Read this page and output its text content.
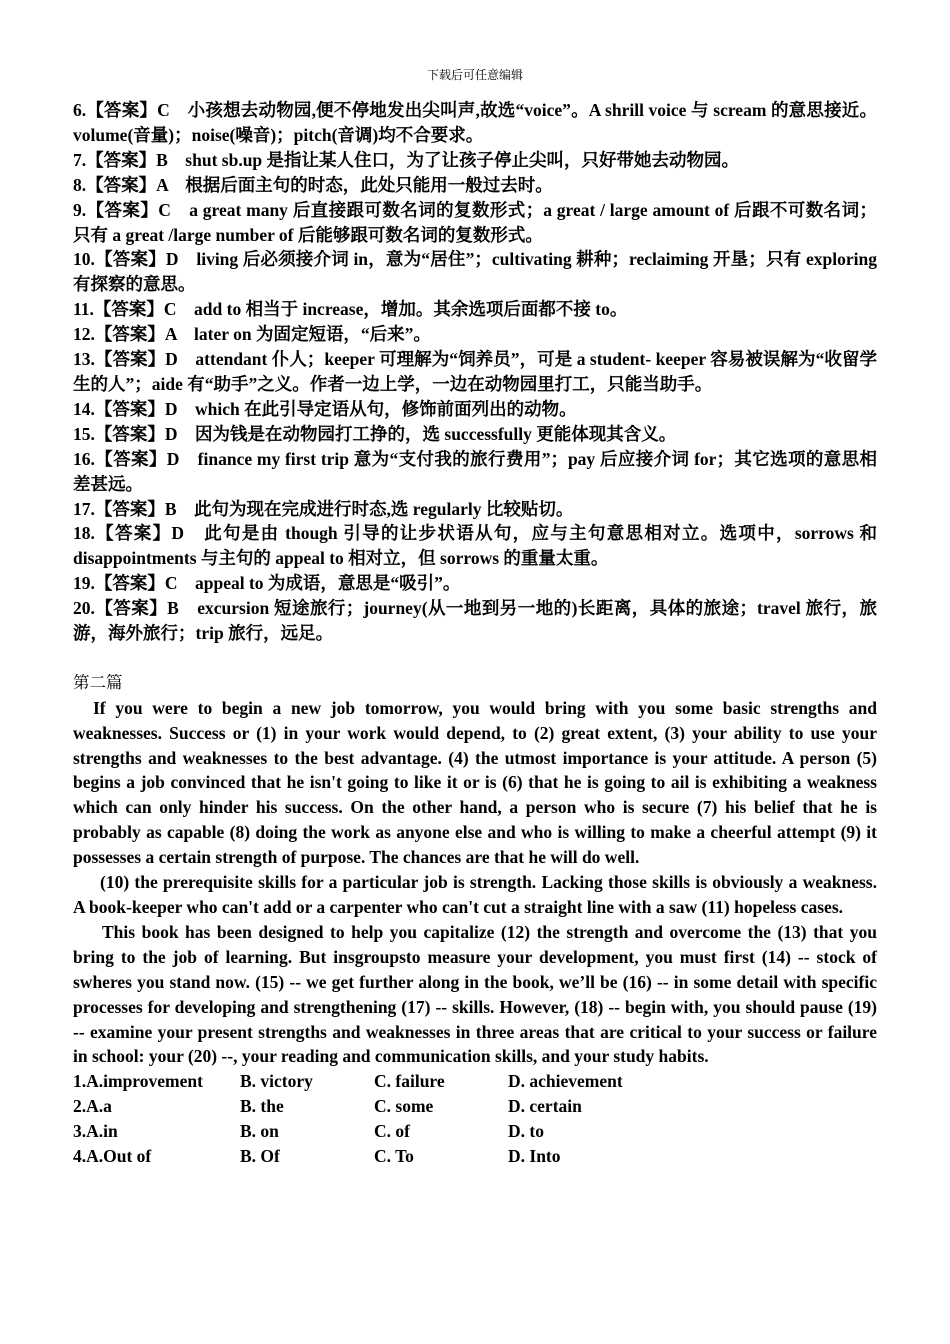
下载后可任意编辑

6.【答案】C　小孩想去动物园,便不停地发出尖叫声,故选“voice”。A shrill voice 与 scream 的意思接近。volume(音量)；noise(噪音)；pitch(音调)均不合要求。

7.【答案】B　shut sb.up 是指让某人住口，为了让孩子停止尖叫，只好带她去动物园。

8.【答案】A　根据后面主句的时态，此处只能用一般过去时。

9.【答案】C　a great many 后直接跟可数名词的复数形式；a great / large amount of 后跟不可数名词；只有 a great /large number of 后能够跟可数名词的复数形式。

10.【答案】D　living 后必须接介词 in，意为“居住”；cultivating 耕种；reclaiming 开垦；只有 exploring 有探察的意思。

11.【答案】C　add to 相当于 increase，增加。其余选项后面都不接 to。

12.【答案】A　later on 为固定短语，“后来”。

13.【答案】D　attendant 仆人；keeper 可理解为“饲养员”，可是 a student- keeper 容易被误解为“收留学生的人”；aide 有“助手”之义。作者一边上学，一边在动物园里打工，只能当助手。

14.【答案】D　which 在此引导定语从句，修饰前面列出的动物。

15.【答案】D　因为钱是在动物园打工挣的，选 successfully 更能体现其含义。

16.【答案】D　finance my first trip 意为“支付我的旅行费用”；pay 后应接介词 for；其它选项的意思相差甚远。

17.【答案】B　此句为现在完成进行时态,选 regularly 比较贴切。

18.【答案】D　此句是由 though 引导的让步状语从句，应与主句意思相对立。选项中，sorrows 和 disappointments 与主句的 appeal to 相对立，但 sorrows 的重量太重。

19.【答案】C　appeal to 为成语，意思是“吸引”。

20.【答案】B　excursion 短途旅行；journey(从一地到另一地的)长距离，具体的旅途；travel 旅行，旅游，海外旅行；trip 旅行，远足。

第二篇

If you were to begin a new job tomorrow, you would bring with you some basic strengths and weaknesses. Success or (1) in your work would depend, to (2) great extent, (3) your ability to use your strengths and weaknesses to the best advantage. (4) the utmost importance is your attitude. A person (5) begins a job convinced that he isn't going to like it or is (6) that he is going to ail is exhibiting a weakness which can only hinder his success. On the other hand, a person who is secure (7) his belief that he is probably as capable (8) doing the work as anyone else and who is willing to make a cheerful attempt (9) it possesses a certain strength of purpose. The chances are that he will do well.

(10) the prerequisite skills for a particular job is strength. Lacking those skills is obviously a weakness. A book-keeper who can't add or a carpenter who can't cut a straight line with a saw (11) hopeless cases.

This book has been designed to help you capitalize (12) the strength and overcome the (13) that you bring to the job of learning. But insgroupsto measure your development, you must first (14) -- stock of swheres you stand now. (15) -- we get further along in the book, we’ll be (16) -- in some detail with specific processes for developing and strengthening (17) -- skills. However, (18) -- begin with, you should pause (19) -- examine your present strengths and weaknesses in three areas that are critical to your success or failure in school: your (20) --, your reading and communication skills, and your study habits.

1.A.improvement	B. victory	C. failure	D. achievement
2.A.a	B. the	C. some	D. certain
3.A.in	B. on	C. of	D. to
4.A.Out of	B. Of	C. To	D. Into
